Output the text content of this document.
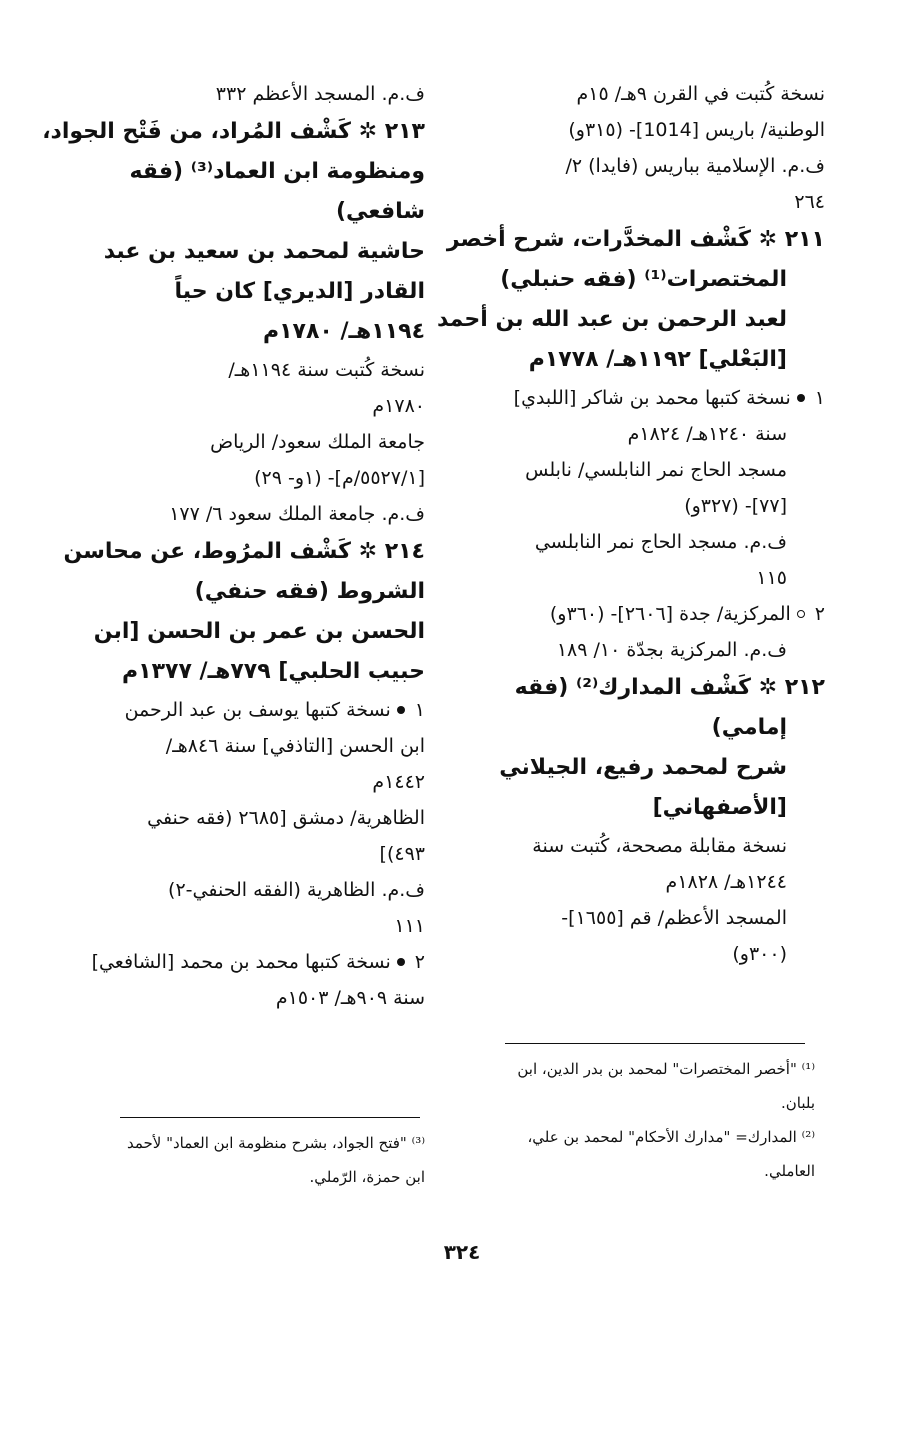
نسخة كُتبت في القرن ٩هـ/ ١٥م
الوطنية/ باريس [1014]- (٣١٥و)
ف.م. الإسلامية بباريس (فايدا) ٢/
٢٦٤
٢١١ ✲ كَشْف المخدَّرات، شرح أخصر
المختصرات⁽¹⁾ (فقه حنبلي)
لعبد الرحمن بن عبد الله بن أحمد
[البَعْلي] ١١٩٢هـ/ ١٧٧٨م
١نسخة كتبها محمد بن شاكر [اللبدي]
سنة ١٢٤٠هـ/ ١٨٢٤م
مسجد الحاج نمر النابلسي/ نابلس
[٧٧]- (٣٢٧و)
ف.م. مسجد الحاج نمر النابلسي
١١٥
٢المركزية/ جدة [٢٦٠٦]- (٣٦٠و)
ف.م. المركزية بجدّة ١٠/ ١٨٩
٢١٢ ✲ كَشْف المدارك⁽²⁾ (فقه
إمامي)
شرح لمحمد رفيع، الجيلاني
[الأصفهاني]
نسخة مقابلة مصححة، كُتبت سنة
١٢٤٤هـ/ ١٨٢٨م
المسجد الأعظم/ قم [١٦٥٥]-
(٣٠٠و)
ف.م. المسجد الأعظم ٣٣٢
٢١٣ ✲ كَشْف المُراد، من فَتْح الجواد،
ومنظومة ابن العماد⁽³⁾ (فقه
شافعي)
حاشية لمحمد بن سعيد بن عبد
القادر [الديري] كان حياً
١١٩٤هـ/ ١٧٨٠م
نسخة كُتبت سنة ١١٩٤هـ/
١٧٨٠م
جامعة الملك سعود/ الرياض
[٥٥٢٧/١/م]- (١و- ٢٩)
ف.م. جامعة الملك سعود ٦/ ١٧٧
٢١٤ ✲ كَشْف المرُوط، عن محاسن
الشروط (فقه حنفي)
الحسن بن عمر بن الحسن [ابن
حبيب الحلبي] ٧٧٩هـ/ ١٣٧٧م
١نسخة كتبها يوسف بن عبد الرحمن
ابن الحسن [التاذفي] سنة ٨٤٦هـ/
١٤٤٢م
الظاهرية/ دمشق [٢٦٨٥ (فقه حنفي
٤٩٣)]
ف.م. الظاهرية (الفقه الحنفي-٢)
١١١
٢نسخة كتبها محمد بن محمد [الشافعي]
سنة ٩٠٩هـ/ ١٥٠٣م
⁽¹⁾ "أخصر المختصرات" لمحمد بن بدر الدين، ابن
بلبان.
⁽²⁾ المدارك= "مدارك الأحكام" لمحمد بن علي،
العاملي.
⁽³⁾ "فتح الجواد، بشرح منظومة ابن العماد" لأحمد
ابن حمزة، الرّملي.
٣٢٤
